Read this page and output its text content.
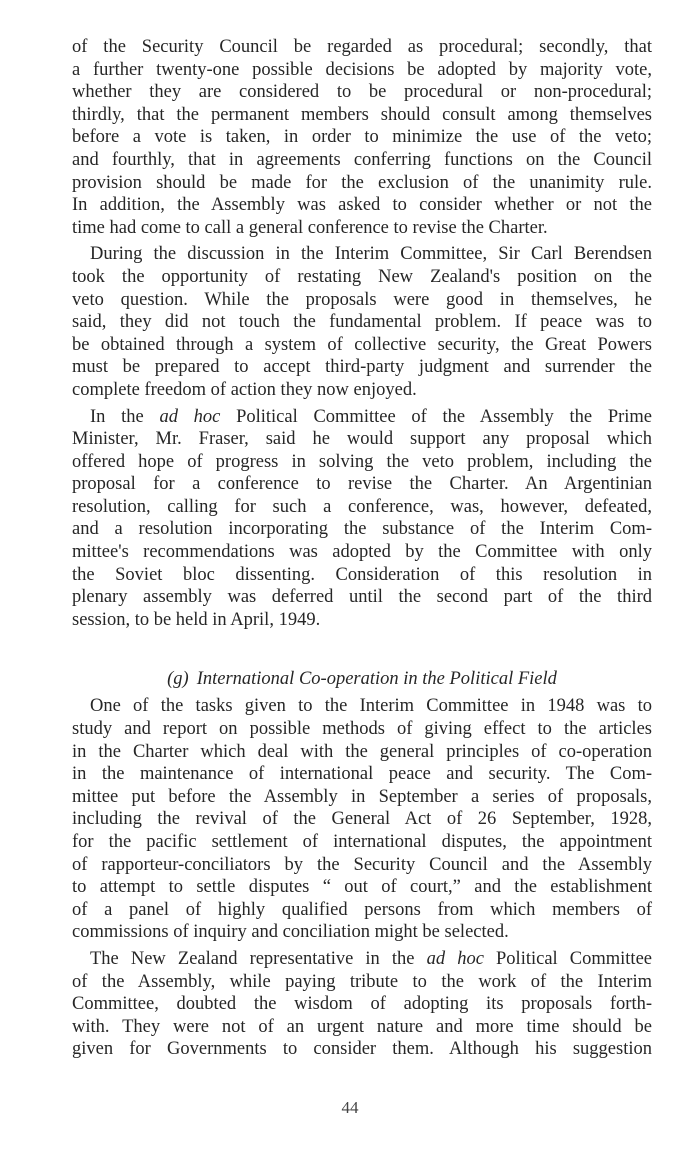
of the Security Council be regarded as procedural; secondly, that
a further twenty-one possible decisions be adopted by majority vote,
whether they are considered to be procedural or non-procedural;
thirdly, that the permanent members should consult among themselves
before a vote is taken, in order to minimize the use of the veto;
and fourthly, that in agreements conferring functions on the Council
provision should be made for the exclusion of the unanimity rule.
In addition, the Assembly was asked to consider whether or not the
time had come to call a general conference to revise the Charter.

During the discussion in the Interim Committee, Sir Carl Berendsen
took the opportunity of restating New Zealand's position on the
veto question. While the proposals were good in themselves, he
said, they did not touch the fundamental problem. If peace was to
be obtained through a system of collective security, the Great Powers
must be prepared to accept third-party judgment and surrender the
complete freedom of action they now enjoyed.

In the ad hoc Political Committee of the Assembly the Prime
Minister, Mr. Fraser, said he would support any proposal which
offered hope of progress in solving the veto problem, including the
proposal for a conference to revise the Charter. An Argentinian
resolution, calling for such a conference, was, however, defeated,
and a resolution incorporating the substance of the Interim Com-
mittee's recommendations was adopted by the Committee with only
the Soviet bloc dissenting. Consideration of this resolution in
plenary assembly was deferred until the second part of the third
session, to be held in April, 1949.

(g) International Co-operation in the Political Field

One of the tasks given to the Interim Committee in 1948 was to
study and report on possible methods of giving effect to the articles
in the Charter which deal with the general principles of co-operation
in the maintenance of international peace and security. The Com-
mittee put before the Assembly in September a series of proposals,
including the revival of the General Act of 26 September, 1928,
for the pacific settlement of international disputes, the appointment
of rapporteur-conciliators by the Security Council and the Assembly
to attempt to settle disputes “ out of court,” and the establishment
of a panel of highly qualified persons from which members of
commissions of inquiry and conciliation might be selected.

The New Zealand representative in the ad hoc Political Committee
of the Assembly, while paying tribute to the work of the Interim
Committee, doubted the wisdom of adopting its proposals forth-
with. They were not of an urgent nature and more time should be
given for Governments to consider them. Although his suggestion

44
